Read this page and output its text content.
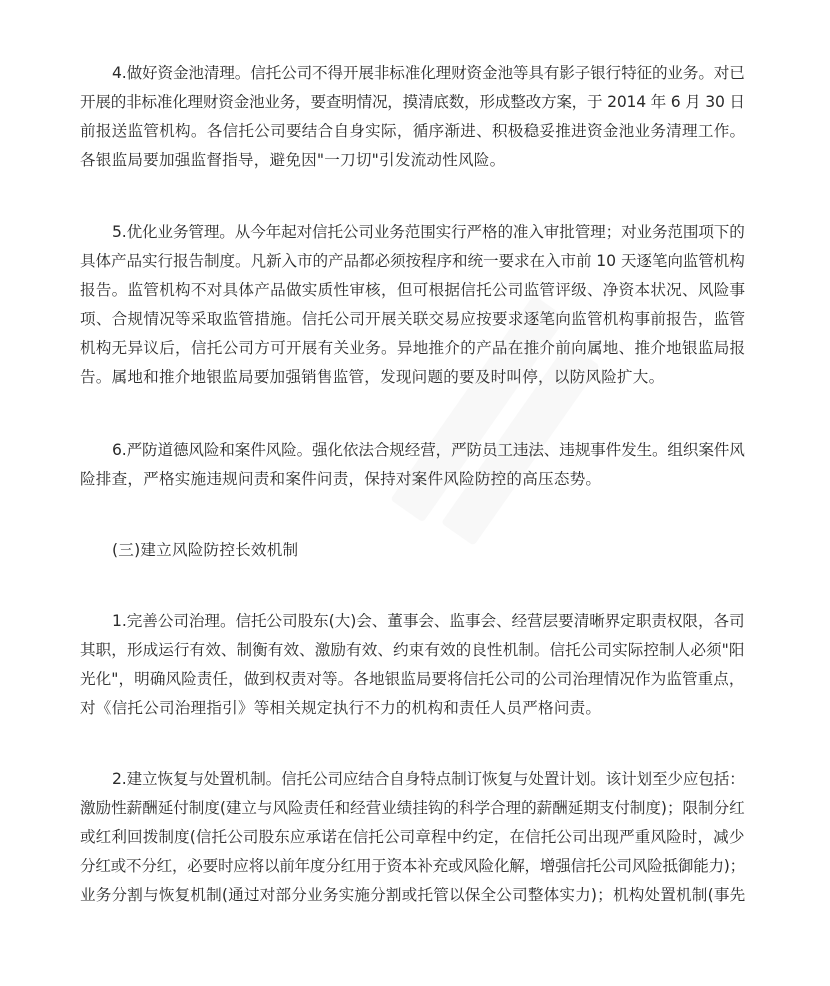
4.做好资金池清理。信托公司不得开展非标准化理财资金池等具有影子银行特征的业务。对已
开展的非标准化理财资金池业务，要查明情况，摸清底数，形成整改方案，于 2014 年 6 月 30 日
前报送监管机构。各信托公司要结合自身实际，循序渐进、积极稳妥推进资金池业务清理工作。
各银监局要加强监督指导，避免因"一刀切"引发流动性风险。
5.优化业务管理。从今年起对信托公司业务范围实行严格的准入审批管理；对业务范围项下的
具体产品实行报告制度。凡新入市的产品都必须按程序和统一要求在入市前 10 天逐笔向监管机构
报告。监管机构不对具体产品做实质性审核，但可根据信托公司监管评级、净资本状况、风险事
项、合规情况等采取监管措施。信托公司开展关联交易应按要求逐笔向监管机构事前报告，监管
机构无异议后，信托公司方可开展有关业务。异地推介的产品在推介前向属地、推介地银监局报
告。属地和推介地银监局要加强销售监管，发现问题的要及时叫停，以防风险扩大。
6.严防道德风险和案件风险。强化依法合规经营，严防员工违法、违规事件发生。组织案件风
险排查，严格实施违规问责和案件问责，保持对案件风险防控的高压态势。
(三)建立风险防控长效机制
1.完善公司治理。信托公司股东(大)会、董事会、监事会、经营层要清晰界定职责权限，各司
其职，形成运行有效、制衡有效、激励有效、约束有效的良性机制。信托公司实际控制人必须"阳
光化"，明确风险责任，做到权责对等。各地银监局要将信托公司的公司治理情况作为监管重点，
对《信托公司治理指引》等相关规定执行不力的机构和责任人员严格问责。
2.建立恢复与处置机制。信托公司应结合自身特点制订恢复与处置计划。该计划至少应包括：
激励性薪酬延付制度(建立与风险责任和经营业绩挂钩的科学合理的薪酬延期支付制度)；限制分红
或红利回拨制度(信托公司股东应承诺在信托公司章程中约定，在信托公司出现严重风险时，减少
分红或不分红，必要时应将以前年度分红用于资本补充或风险化解，增强信托公司风险抵御能力)；
业务分割与恢复机制(通过对部分业务实施分割或托管以保全公司整体实力)；机构处置机制(事先
